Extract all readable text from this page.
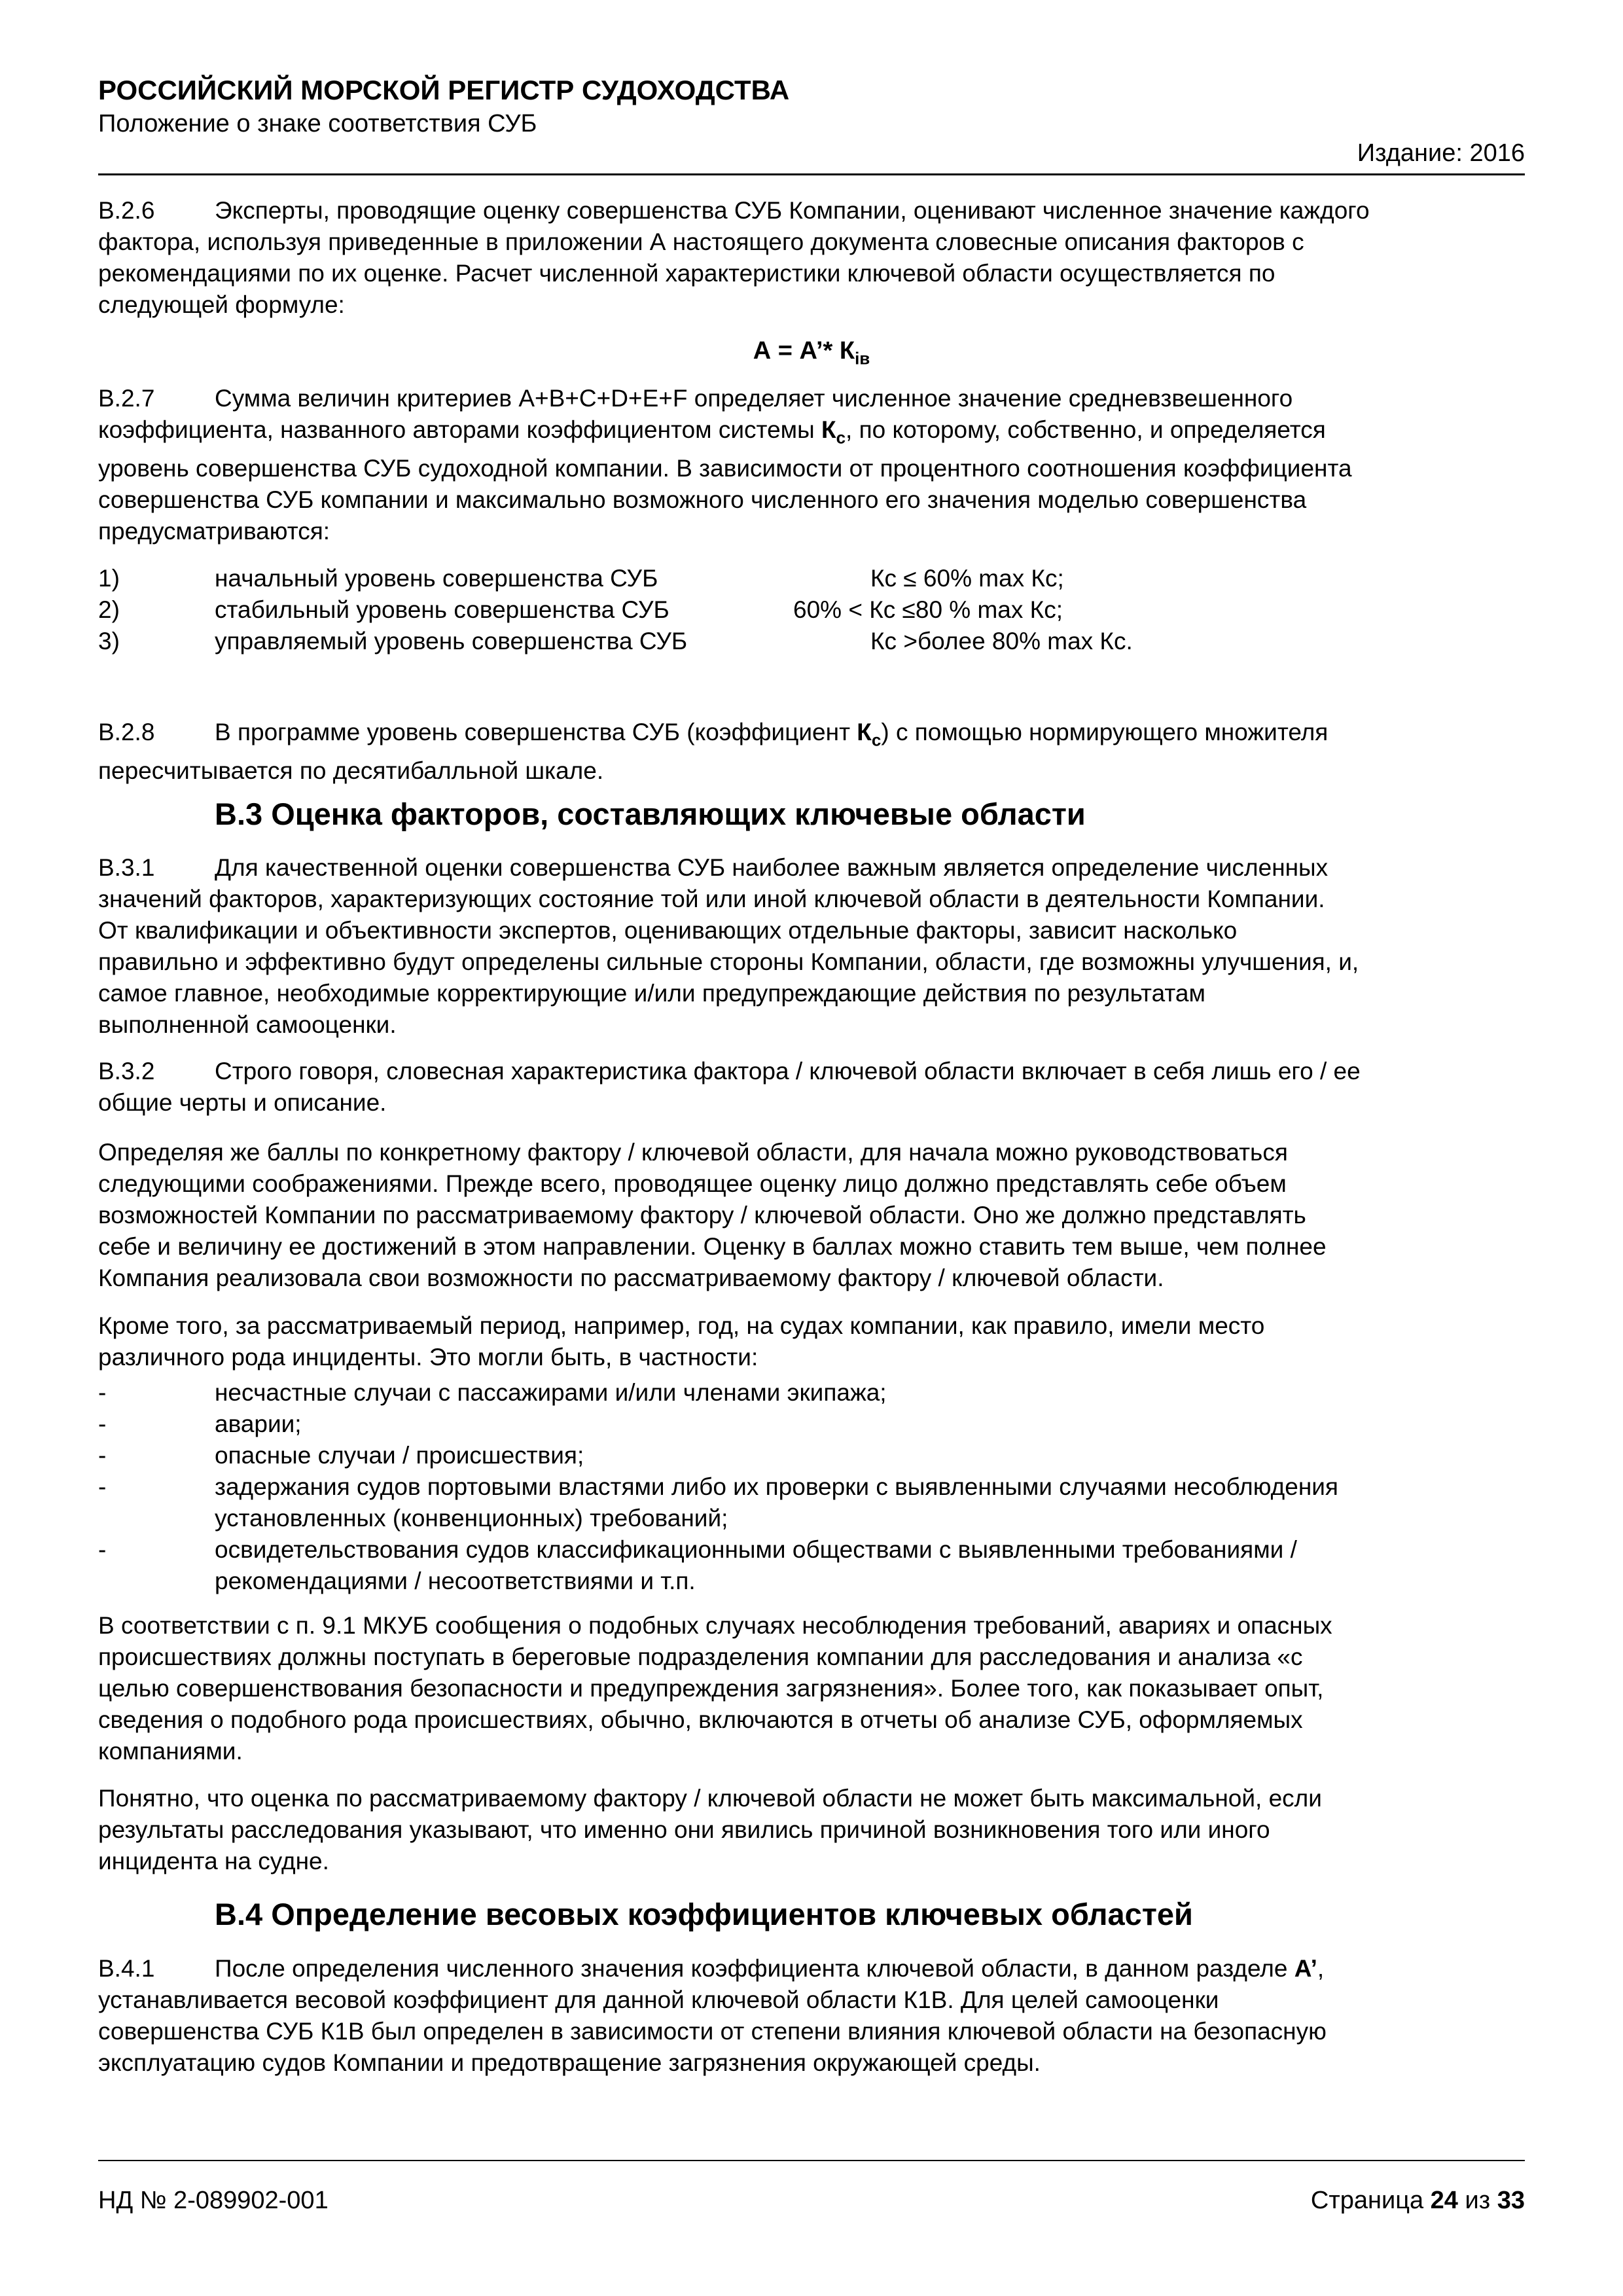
РОССИЙСКИЙ МОРСКОЙ РЕГИСТР СУДОХОДСТВА
Положение о знаке соответствия СУБ
Издание: 2016
В.2.6 Эксперты, проводящие оценку совершенства СУБ Компании, оценивают численное значение каждого
фактора, используя приведенные в приложении А настоящего документа словесные описания факторов с
рекомендациями по их оценке. Расчет численной характеристики ключевой области осуществляется по
следующей формуле:
А = А’* $К_{iв}$
В.2.7 Сумма величин критериев A+B+C+D+E+F определяет численное значение средневзвешенного
коэффициента, названного авторами коэффициентом системы $К_с$, по которому, собственно, и определяется
уровень совершенства СУБ судоходной компании. В зависимости от процентного соотношения коэффициента
совершенства СУБ компании и максимально возможного численного его значения моделью совершенства
предусматриваются:
1)	начальный уровень совершенства СУБ	Кс ≤ 60% max Кс;
2)	стабильный уровень совершенства СУБ	60% < Кс ≤80 % max Кс;
3)	управляемый уровень совершенства СУБ	Кс >более 80% max Кс.
В.2.8 В программе уровень совершенства СУБ (коэффициент $К_с$) с помощью нормирующего множителя
пересчитывается по десятибалльной шкале.
В.3 Оценка факторов, составляющих ключевые области
В.3.1 Для качественной оценки совершенства СУБ наиболее важным является определение численных
значений факторов, характеризующих состояние той или иной ключевой области в деятельности Компании.
От квалификации и объективности экспертов, оценивающих отдельные факторы, зависит насколько
правильно и эффективно будут определены сильные стороны Компании, области, где возможны улучшения, и,
самое главное, необходимые корректирующие и/или предупреждающие действия по результатам
выполненной самооценки.
В.3.2 Строго говоря, словесная характеристика фактора / ключевой области включает в себя лишь его / ее
общие черты и описание.
Определяя же баллы по конкретному фактору / ключевой области, для начала можно руководствоваться
следующими соображениями. Прежде всего, проводящее оценку лицо должно представлять себе объем
возможностей Компании по рассматриваемому фактору / ключевой области. Оно же должно представлять
себе и величину ее достижений в этом направлении. Оценку в баллах можно ставить тем выше, чем полнее
Компания реализовала свои возможности по рассматриваемому фактору / ключевой области.
Кроме того, за рассматриваемый период, например, год, на судах компании, как правило, имели место
различного рода инциденты. Это могли быть, в частности:
-	несчастные случаи с пассажирами и/или членами экипажа;
-	аварии;
-	опасные случаи / происшествия;
-	задержания судов портовыми властями либо их проверки с выявленными случаями несоблюдения
установленных (конвенционных) требований;
-	освидетельствования судов классификационными обществами с выявленными требованиями /
рекомендациями / несоответствиями и т.п.
В соответствии с п. 9.1 МКУБ сообщения о подобных случаях несоблюдения требований, авариях и опасных
происшествиях должны поступать в береговые подразделения компании для расследования и анализа «с
целью совершенствования безопасности и предупреждения загрязнения». Более того, как показывает опыт,
сведения о подобного рода происшествиях, обычно, включаются в отчеты об анализе СУБ, оформляемых
компаниями.
Понятно, что оценка по рассматриваемому фактору / ключевой области не может быть максимальной, если
результаты расследования указывают, что именно они явились причиной возникновения того или иного
инцидента на судне.
В.4 Определение весовых коэффициентов ключевых областей
В.4.1 После определения численного значения коэффициента ключевой области, в данном разделе А’,
устанавливается весовой коэффициент для данной ключевой области К1В. Для целей самооценки
совершенства СУБ К1В был определен в зависимости от степени влияния ключевой области на безопасную
эксплуатацию судов Компании и предотвращение загрязнения окружающей среды.
НД № 2-089902-001	Страница 24 из 33
